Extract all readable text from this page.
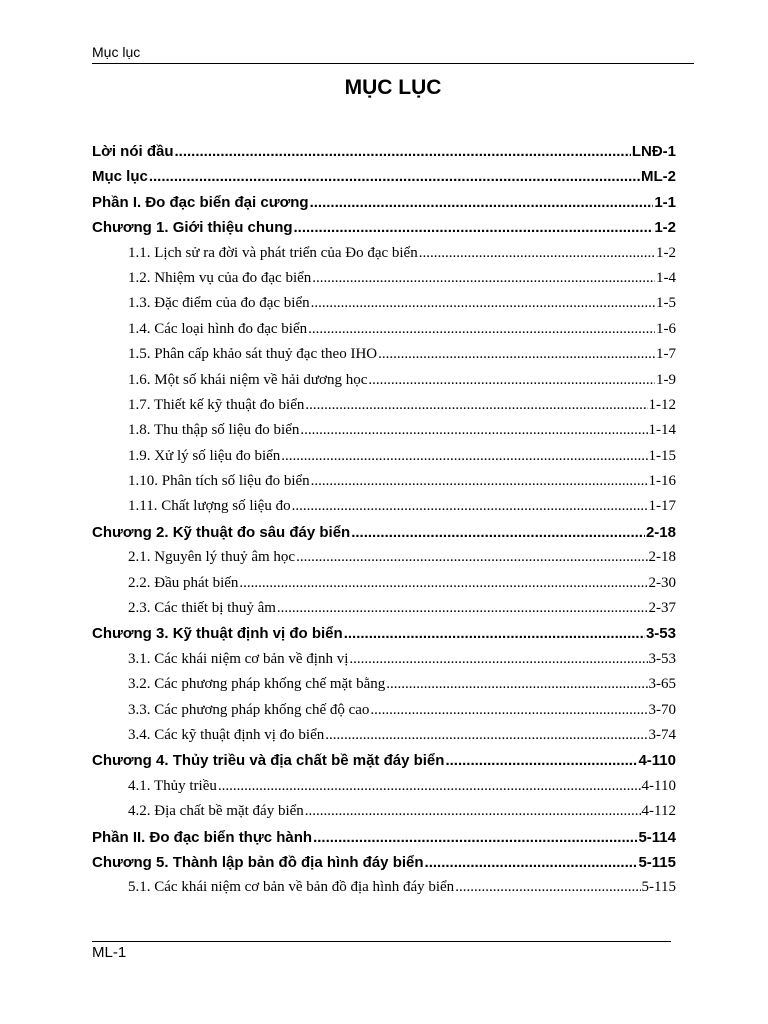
Mục lục
MỤC LỤC
Lời nói đầu .....	LNĐ-1
Mục lục .....	ML-2
Phần I. Đo đạc biển đại cương .....	1-1
Chương 1. Giới thiệu chung .....	1-2
1.1. Lịch sử ra đời và phát triển của Đo đạc biển .....	1-2
1.2. Nhiệm vụ của đo đạc biển .....	1-4
1.3. Đặc điểm của đo đạc biển .....	1-5
1.4. Các loại hình đo đạc biển .....	1-6
1.5. Phân cấp khảo sát thuỷ đạc theo IHO .....	1-7
1.6. Một số khái niệm về hải dương học .....	1-9
1.7. Thiết kế kỹ thuật đo biển .....	1-12
1.8. Thu thập số liệu đo biển .....	1-14
1.9. Xử lý số liệu đo biển .....	1-15
1.10. Phân tích số liệu đo biển .....	1-16
1.11. Chất lượng số liệu đo .....	1-17
Chương 2. Kỹ thuật đo sâu đáy biển .....	2-18
2.1. Nguyên lý thuỷ âm học .....	2-18
2.2. Đầu phát biến .....	2-30
2.3. Các thiết bị thuỷ âm .....	2-37
Chương 3. Kỹ thuật định vị đo biển .....	3-53
3.1. Các khái niệm cơ bản về định vị .....	3-53
3.2. Các phương pháp khống chế mặt bằng .....	3-65
3.3. Các phương pháp khống chế độ cao .....	3-70
3.4. Các kỹ thuật định vị đo biển .....	3-74
Chương 4. Thủy triều và địa chất bề mặt đáy biển .....	4-110
4.1. Thủy triều .....	4-110
4.2. Địa chất bề mặt đáy biển .....	4-112
Phần II. Đo đạc biển thực hành .....	5-114
Chương 5. Thành lập bản đồ địa hình đáy biển .....	5-115
5.1. Các khái niệm cơ bản về bản đồ địa hình đáy biển .....	5-115
ML-1
